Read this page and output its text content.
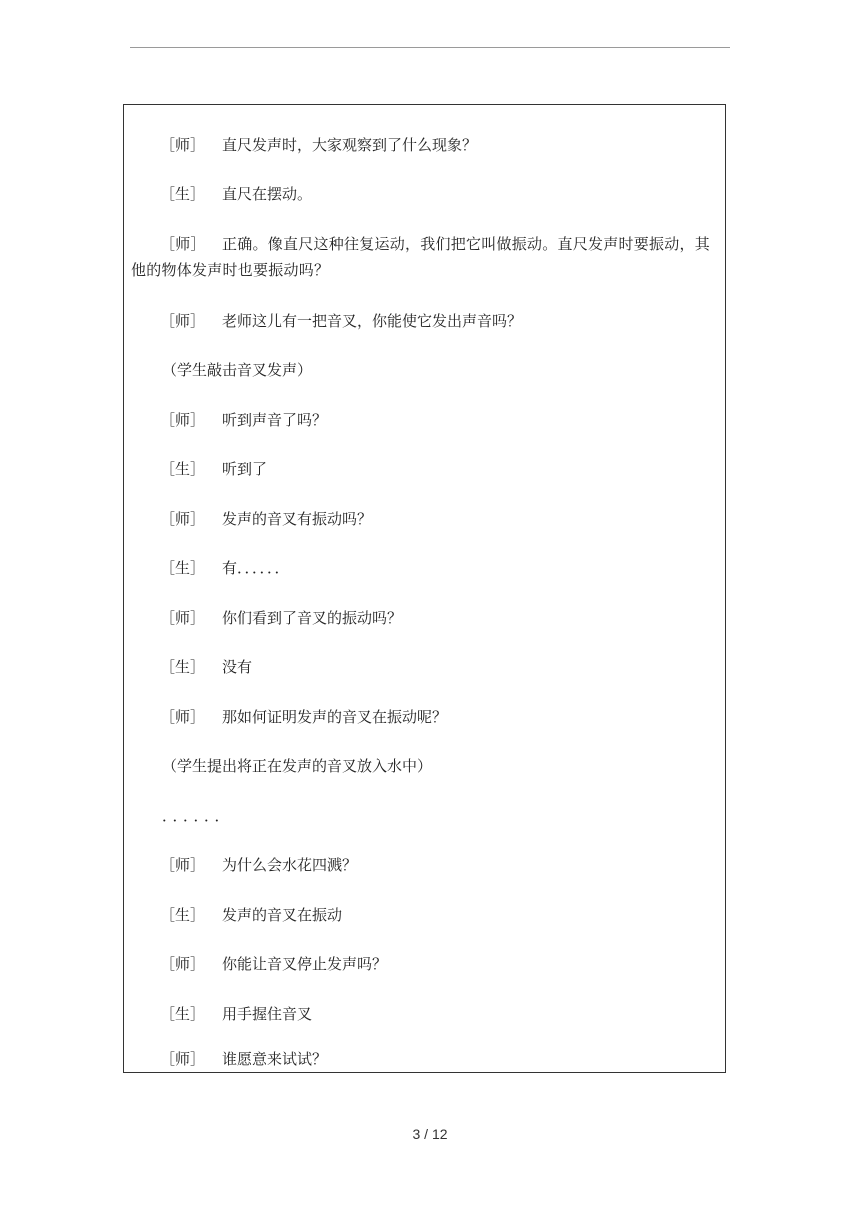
［师］ 直尺发声时，大家观察到了什么现象？
［生］ 直尺在摆动。
［师］ 正确。像直尺这种往复运动，我们把它叫做振动。直尺发声时要振动，其他的物体发声时也要振动吗？
［师］ 老师这儿有一把音叉，你能使它发出声音吗？
（学生敲击音叉发声）
［师］ 听到声音了吗？
［生］ 听到了
［师］ 发声的音叉有振动吗？
［生］ 有．．．．．．
［师］ 你们看到了音叉的振动吗？
［生］ 没有
［师］ 那如何证明发声的音叉在振动呢？
（学生提出将正在发声的音叉放入水中）
．．．．．．
［师］ 为什么会水花四溅？
［生］ 发声的音叉在振动
［师］ 你能让音叉停止发声吗？
［生］ 用手握住音叉
［师］ 谁愿意来试试？
3 / 12
